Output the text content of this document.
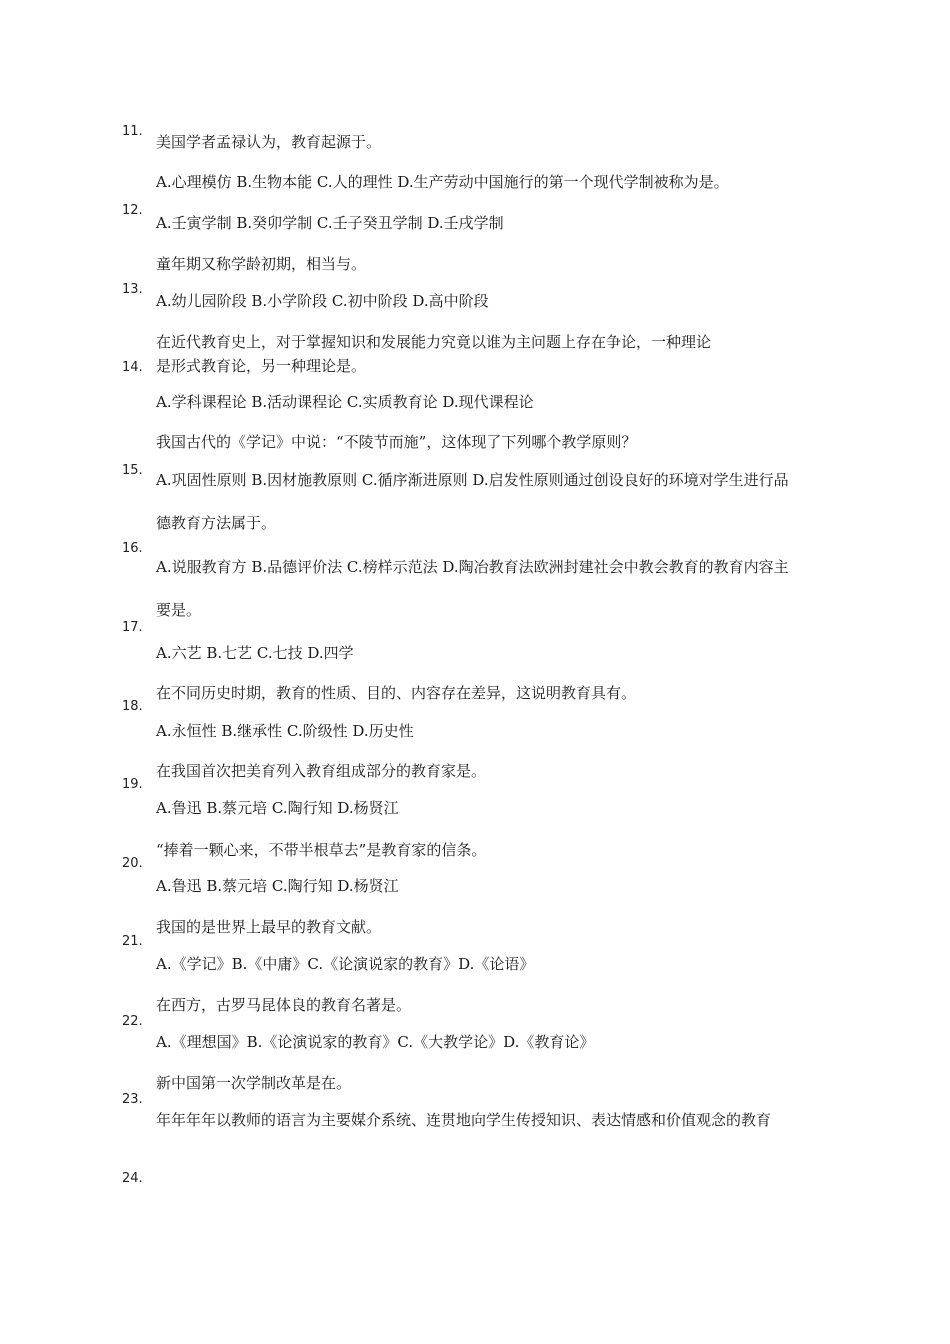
11.
12.
13.
14.
15.
16.
17.
18.
19.
20.
21.
22.
23.
24.
美国学者孟禄认为，教育起源于。
A.心理模仿 B.生物本能 C.人的理性 D.生产劳动中国施行的第一个现代学制被称为是。
A.壬寅学制 B.癸卯学制 C.壬子癸丑学制 D.壬戌学制
童年期又称学龄初期，相当与。
A.幼儿园阶段 B.小学阶段 C.初中阶段 D.高中阶段
在近代教育史上，对于掌握知识和发展能力究竟以谁为主问题上存在争论，一种理论
是形式教育论，另一种理论是。
A.学科课程论 B.活动课程论 C.实质教育论 D.现代课程论
我国古代的《学记》中说：“不陵节而施”，这体现了下列哪个教学原则？
A.巩固性原则 B.因材施教原则 C.循序渐进原则 D.启发性原则通过创设良好的环境对学生进行品
德教育方法属于。
A.说服教育方 B.品德评价法 C.榜样示范法 D.陶冶教育法欧洲封建社会中教会教育的教育内容主
要是。
A.六艺 B.七艺 C.七技 D.四学
在不同历史时期，教育的性质、目的、内容存在差异，这说明教育具有。
A.永恒性 B.继承性 C.阶级性 D.历史性
在我国首次把美育列入教育组成部分的教育家是。
A.鲁迅 B.蔡元培 C.陶行知 D.杨贤江
“捧着一颗心来，不带半根草去”是教育家的信条。
A.鲁迅 B.蔡元培 C.陶行知 D.杨贤江
我国的是世界上最早的教育文献。
A.《学记》B.《中庸》C.《论演说家的教育》D.《论语》
在西方，古罗马昆体良的教育名著是。
A.《理想国》B.《论演说家的教育》C.《大教学论》D.《教育论》
新中国第一次学制改革是在。
年年年年以教师的语言为主要媒介系统、连贯地向学生传授知识、表达情感和价值观念的教育
